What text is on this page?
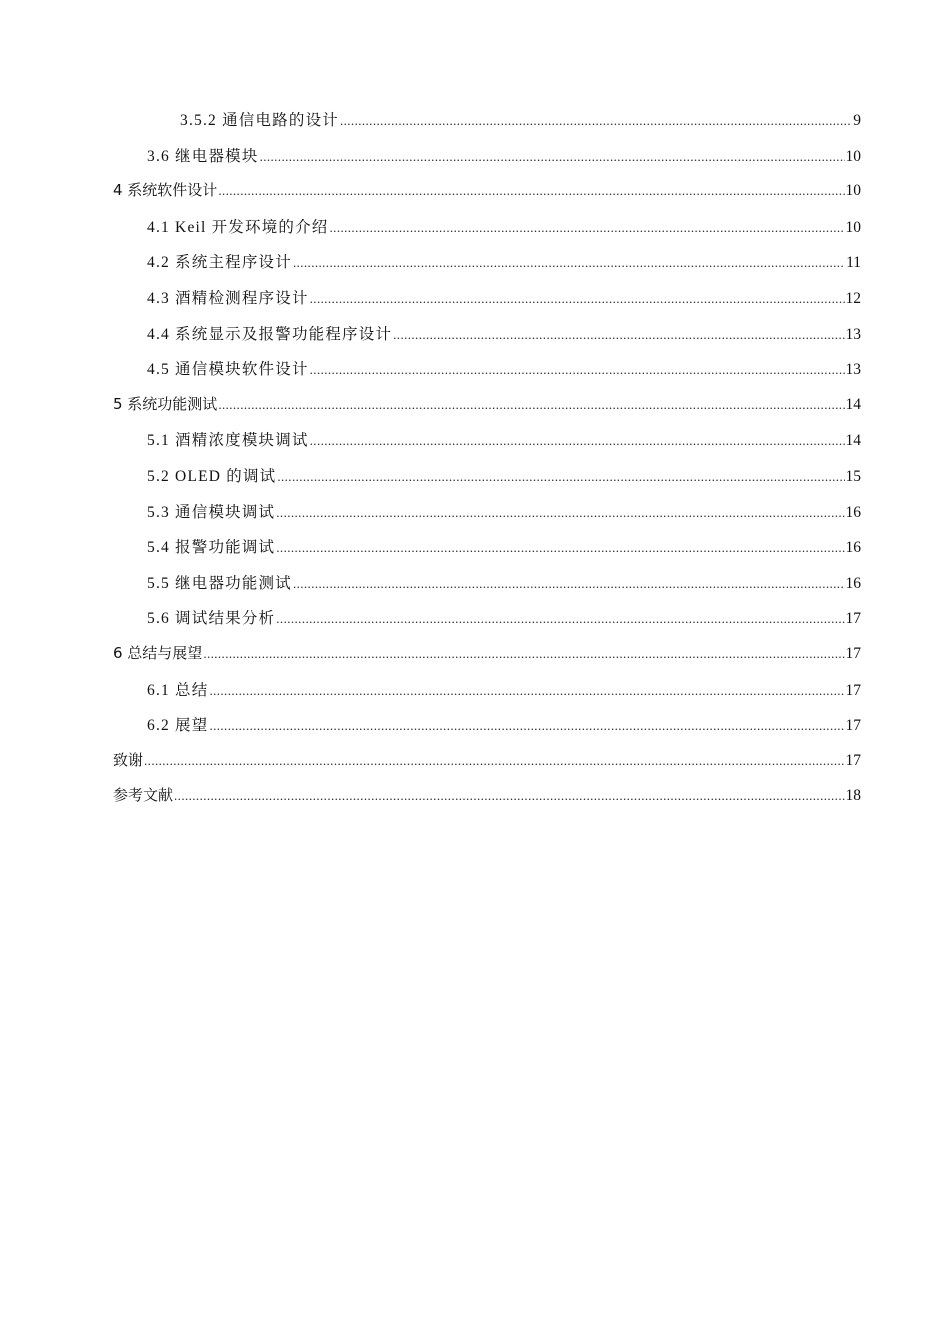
3.5.2 通信电路的设计 .....	9
3.6 继电器模块 .....	10
4 系统软件设计 .....	10
4.1 Keil 开发环境的介绍 .....	10
4.2 系统主程序设计 .....	11
4.3 酒精检测程序设计 .....	12
4.4 系统显示及报警功能程序设计 .....	13
4.5 通信模块软件设计 .....	13
5 系统功能测试 .....	14
5.1 酒精浓度模块调试 .....	14
5.2 OLED 的调试 .....	15
5.3 通信模块调试 .....	16
5.4 报警功能调试 .....	16
5.5 继电器功能测试 .....	16
5.6 调试结果分析 .....	17
6 总结与展望 .....	17
6.1 总结 .....	17
6.2 展望 .....	17
致谢 .....	17
参考文献 .....	18
